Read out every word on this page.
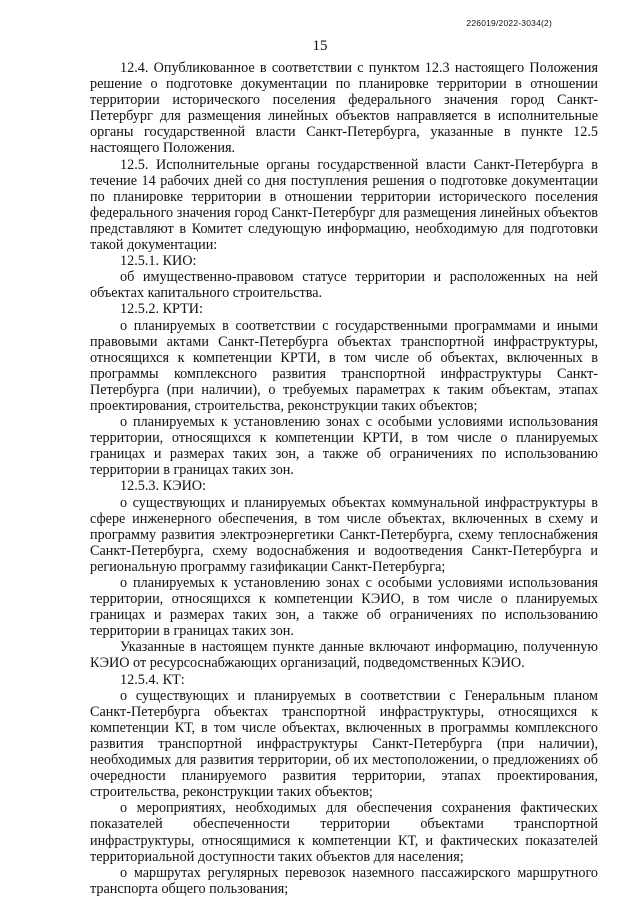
226019/2022-3034(2)
15

12.4. Опубликованное в соответствии с пунктом 12.3 настоящего Положения решение о подготовке документации по планировке территории в отношении территории исторического поселения федерального значения город Санкт-Петербург для размещения линейных объектов направляется в исполнительные органы государственной власти Санкт-Петербурга, указанные в пункте 12.5 настоящего Положения.

12.5. Исполнительные органы государственной власти Санкт-Петербурга в течение 14 рабочих дней со дня поступления решения о подготовке документации по планировке территории в отношении территории исторического поселения федерального значения город Санкт-Петербург для размещения линейных объектов представляют в Комитет следующую информацию, необходимую для подготовки такой документации:

12.5.1. КИО:

об имущественно-правовом статусе территории и расположенных на ней объектах капитального строительства.

12.5.2. КРТИ:

о планируемых в соответствии с государственными программами и иными правовыми актами Санкт-Петербурга объектах транспортной инфраструктуры, относящихся к компетенции КРТИ, в том числе об объектах, включенных в программы комплексного развития транспортной инфраструктуры Санкт-Петербурга (при наличии), о требуемых параметрах к таким объектам, этапах проектирования, строительства, реконструкции таких объектов;

о планируемых к установлению зонах с особыми условиями использования территории, относящихся к компетенции КРТИ, в том числе о планируемых границах и размерах таких зон, а также об ограничениях по использованию территории в границах таких зон.

12.5.3. КЭИО:

о существующих и планируемых объектах коммунальной инфраструктуры в сфере инженерного обеспечения, в том числе объектах, включенных в схему и программу развития электроэнергетики Санкт-Петербурга, схему теплоснабжения Санкт-Петербурга, схему водоснабжения и водоотведения Санкт-Петербурга и региональную программу газификации Санкт-Петербурга;

о планируемых к установлению зонах с особыми условиями использования территории, относящихся к компетенции КЭИО, в том числе о планируемых границах и размерах таких зон, а также об ограничениях по использованию территории в границах таких зон.

Указанные в настоящем пункте данные включают информацию, полученную КЭИО от ресурсоснабжающих организаций, подведомственных КЭИО.

12.5.4. КТ:

о существующих и планируемых в соответствии с Генеральным планом Санкт-Петербурга объектах транспортной инфраструктуры, относящихся к компетенции КТ, в том числе объектах, включенных в программы комплексного развития транспортной инфраструктуры Санкт-Петербурга (при наличии), необходимых для развития территории, об их местоположении, о предложениях об очередности планируемого развития территории, этапах проектирования, строительства, реконструкции таких объектов;

о мероприятиях, необходимых для обеспечения сохранения фактических показателей обеспеченности территории объектами транспортной инфраструктуры, относящимися к компетенции КТ, и фактических показателей территориальной доступности таких объектов для населения;

о маршрутах регулярных перевозок наземного пассажирского маршрутного транспорта общего пользования;
